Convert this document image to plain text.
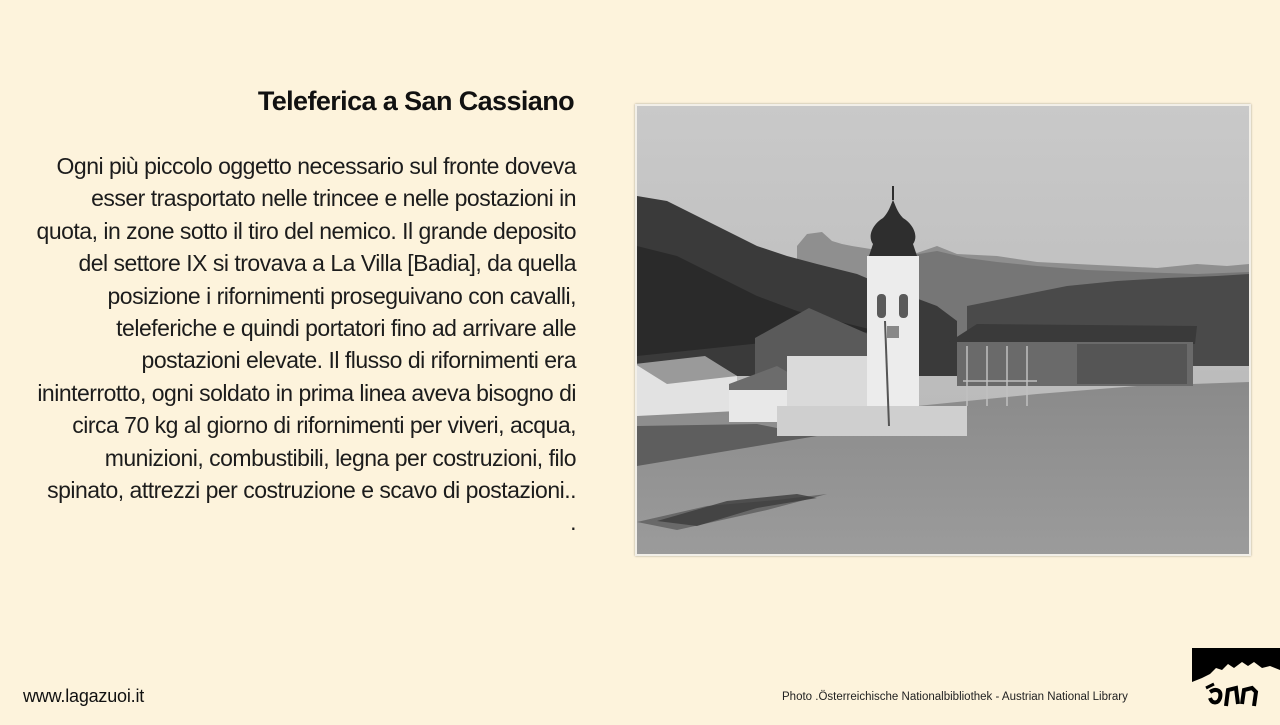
Teleferica a San Cassiano

Ogni più piccolo oggetto necessario sul fronte doveva esser trasportato nelle trincee e nelle postazioni in quota, in zone sotto il tiro del nemico. Il grande deposito del settore IX si trovava a La Villa [Badia], da quella posizione i rifornimenti proseguivano con cavalli, teleferiche e quindi portatori fino ad arrivare alle postazioni elevate. Il flusso di rifornimenti era ininterrotto, ogni soldato in prima linea aveva bisogno di circa 70 kg al giorno di rifornimenti per viveri, acqua, munizioni, combustibili, legna per costruzioni, filo spinato, attrezzi per costruzione e scavo di postazioni.. .

www.lagazuoi.it	Photo .Österreichische Nationalbibliothek - Austrian National Library
